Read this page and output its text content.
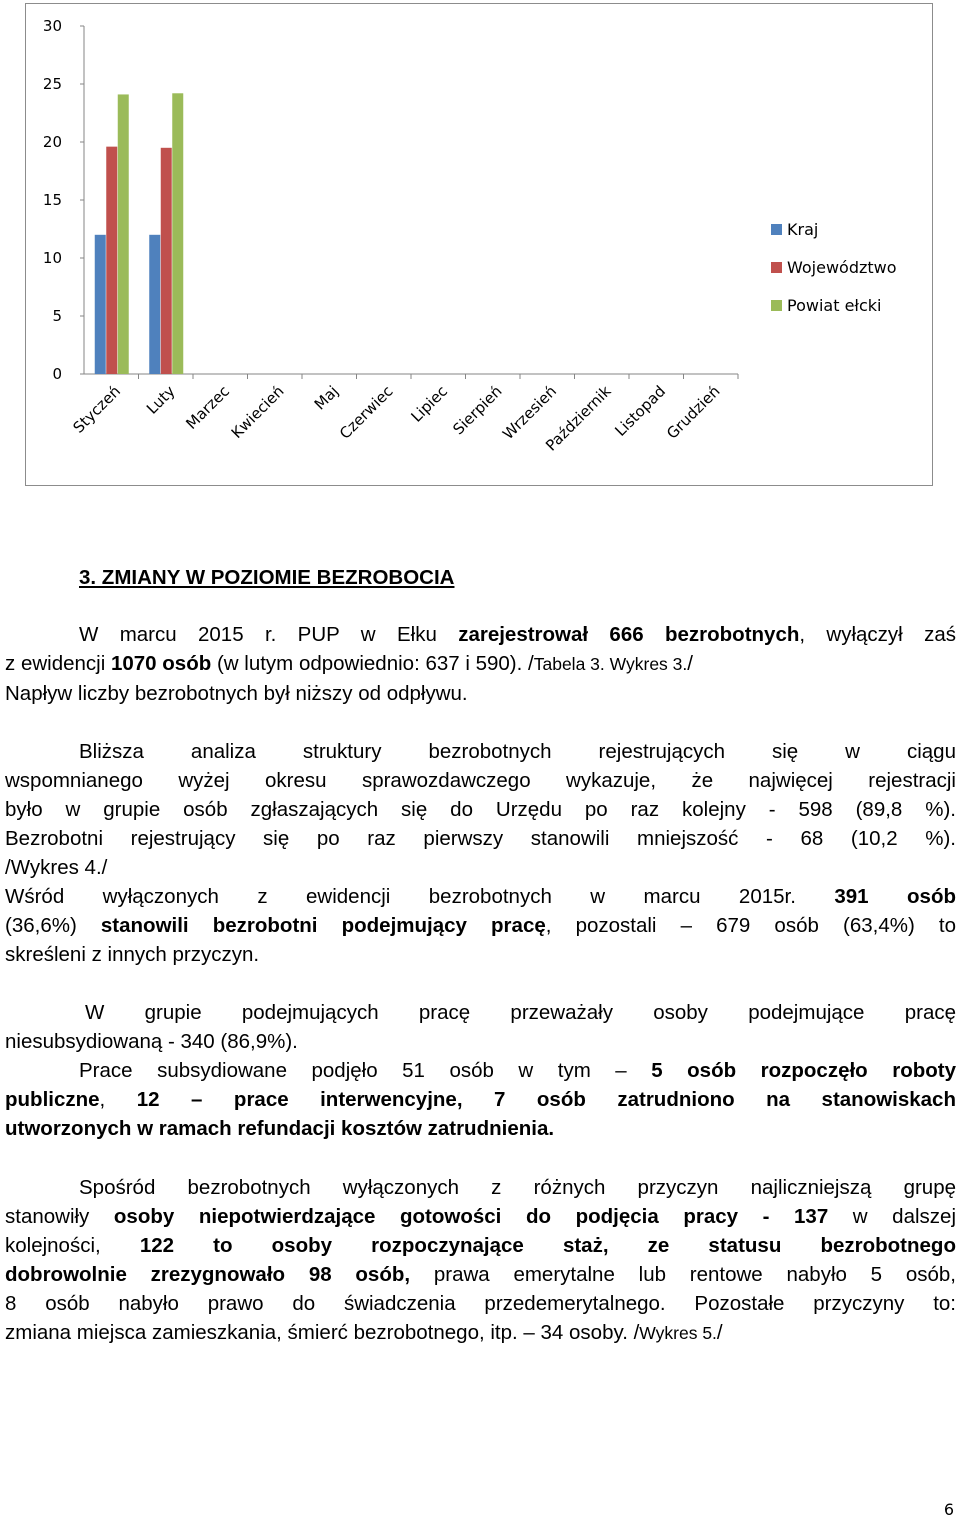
0
5
10
15
20
25
30
Styczeń Luty Marzec
Kwiecień Maj
Czerwiec Lipiec
Sierpień
Wrzesień
Październik
Listopad
Grudzień
Kraj
Województwo
Powiat ełcki
3. ZMIANY W POZIOMIE BEZROBOCIA

W marcu 2015 r. PUP w Ełku zarejestrował 666 bezrobotnych, wyłączył zaś

z ewidencji 1070 osób (w lutym odpowiednio: 637 i 590). /Tabela 3. Wykres 3./

Napływ liczby bezrobotnych był niższy od odpływu.

Bliższa analiza struktury bezrobotnych rejestrujących się w ciągu

wspomnianego wyżej okresu sprawozdawczego wykazuje, że najwięcej rejestracji

było w grupie osób zgłaszających się do Urzędu po raz kolejny - 598 (89,8 %).

Bezrobotni rejestrujący się po raz pierwszy stanowili mniejszość - 68 (10,2 %).

/Wykres 4./

Wśród wyłączonych z ewidencji bezrobotnych w marcu 2015r. 391 osób

(36,6%) stanowili bezrobotni podejmujący pracę, pozostali – 679 osób (63,4%) to

skreśleni z innych przyczyn.

W grupie podejmujących pracę przeważały osoby podejmujące pracę

niesubsydiowaną - 340 (86,9%).

Prace subsydiowane podjęło 51 osób w tym – 5 osób rozpoczęło roboty

publiczne, 12 – prace interwencyjne, 7 osób zatrudniono na stanowiskach

utworzonych w ramach refundacji kosztów zatrudnienia.

Spośród bezrobotnych wyłączonych z różnych przyczyn najliczniejszą grupę

stanowiły osoby niepotwierdzające gotowości do podjęcia pracy - 137 w dalszej

kolejności, 122 to osoby rozpoczynające staż, ze statusu bezrobotnego

dobrowolnie zrezygnowało 98 osób, prawa emerytalne lub rentowe nabyło 5 osób,

8 osób nabyło prawo do świadczenia przedemerytalnego. Pozostałe przyczyny to:

zmiana miejsca zamieszkania, śmierć bezrobotnego, itp. – 34 osoby. /Wykres 5./

6
